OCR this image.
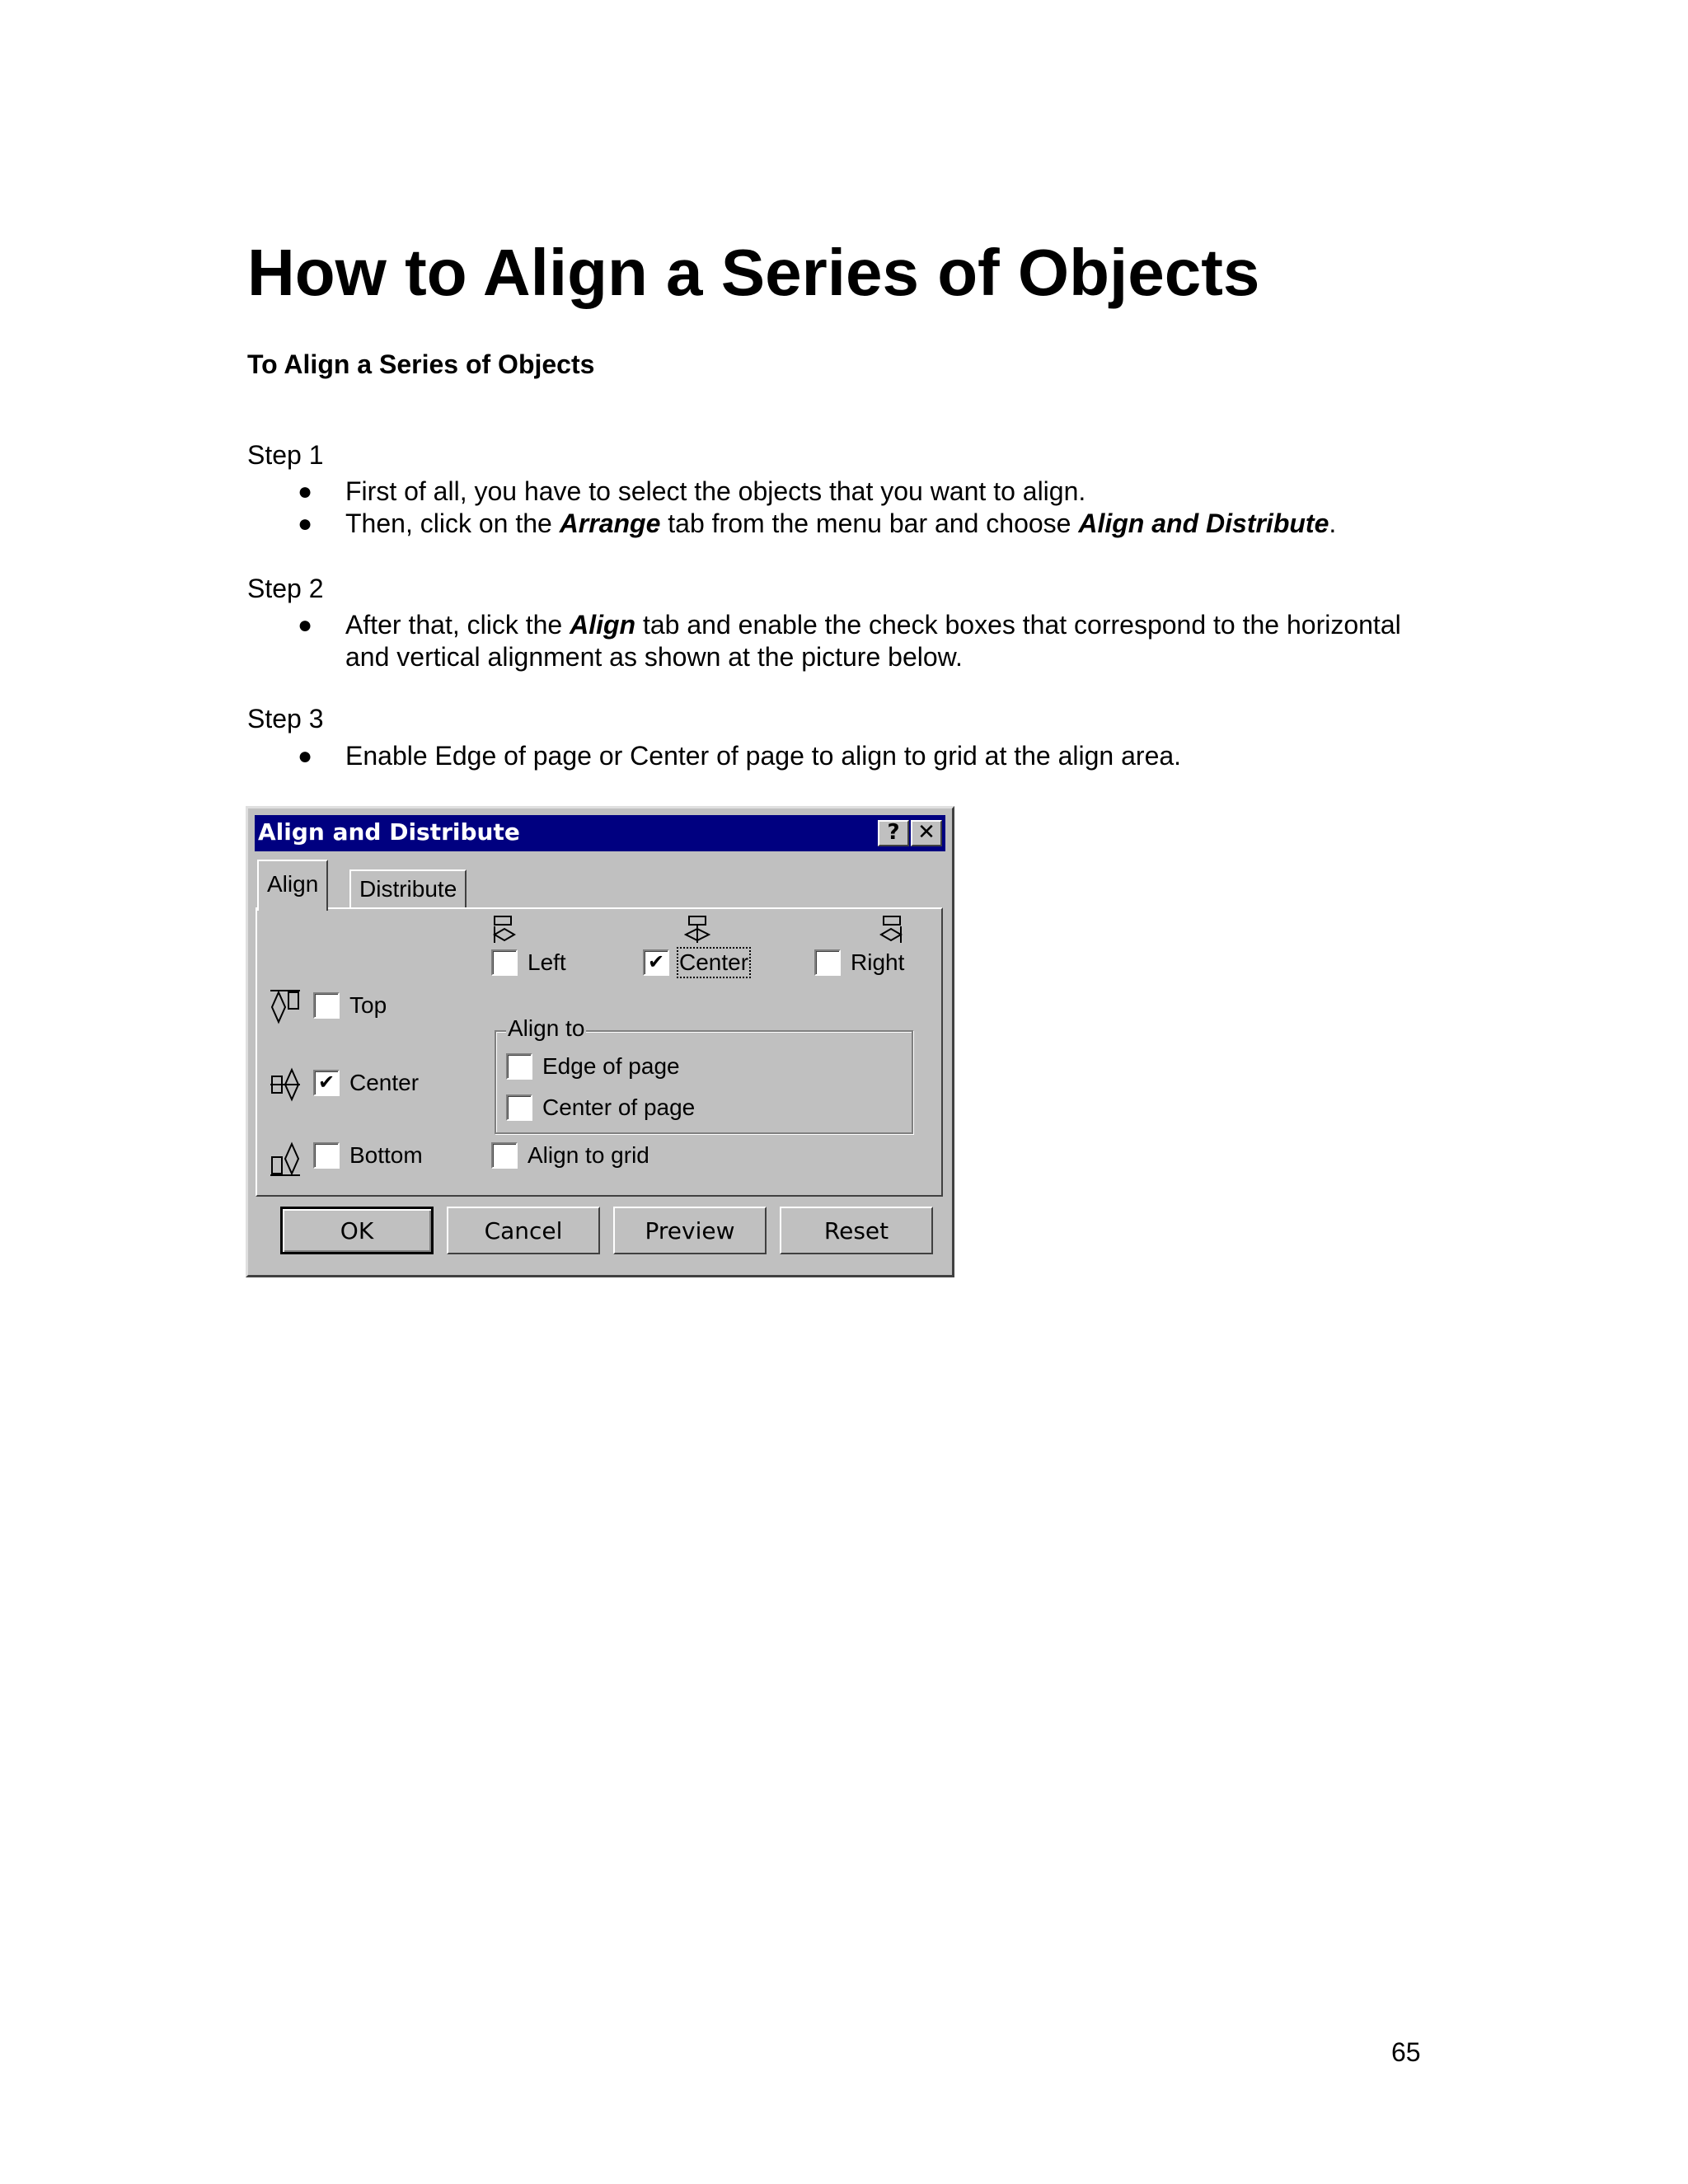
How to Align a Series of Objects
To Align a Series of Objects
Step 1
● First of all, you have to select the objects that you want to align.
● Then, click on the Arrange tab from the menu bar and choose Align and Distribute.
Step 2
● After that, click the Align tab and enable the check boxes that correspond to the horizontal and vertical alignment as shown at the picture below.
Step 3
● Enable Edge of page or Center of page to align to grid at the align area.
Align and Distribute	? ✕
Align	Distribute
Left	✔ Center	Right
Top
✔ Center
Bottom
Align to
Edge of page
Center of page
Align to grid
OK	Cancel	Preview	Reset
65
